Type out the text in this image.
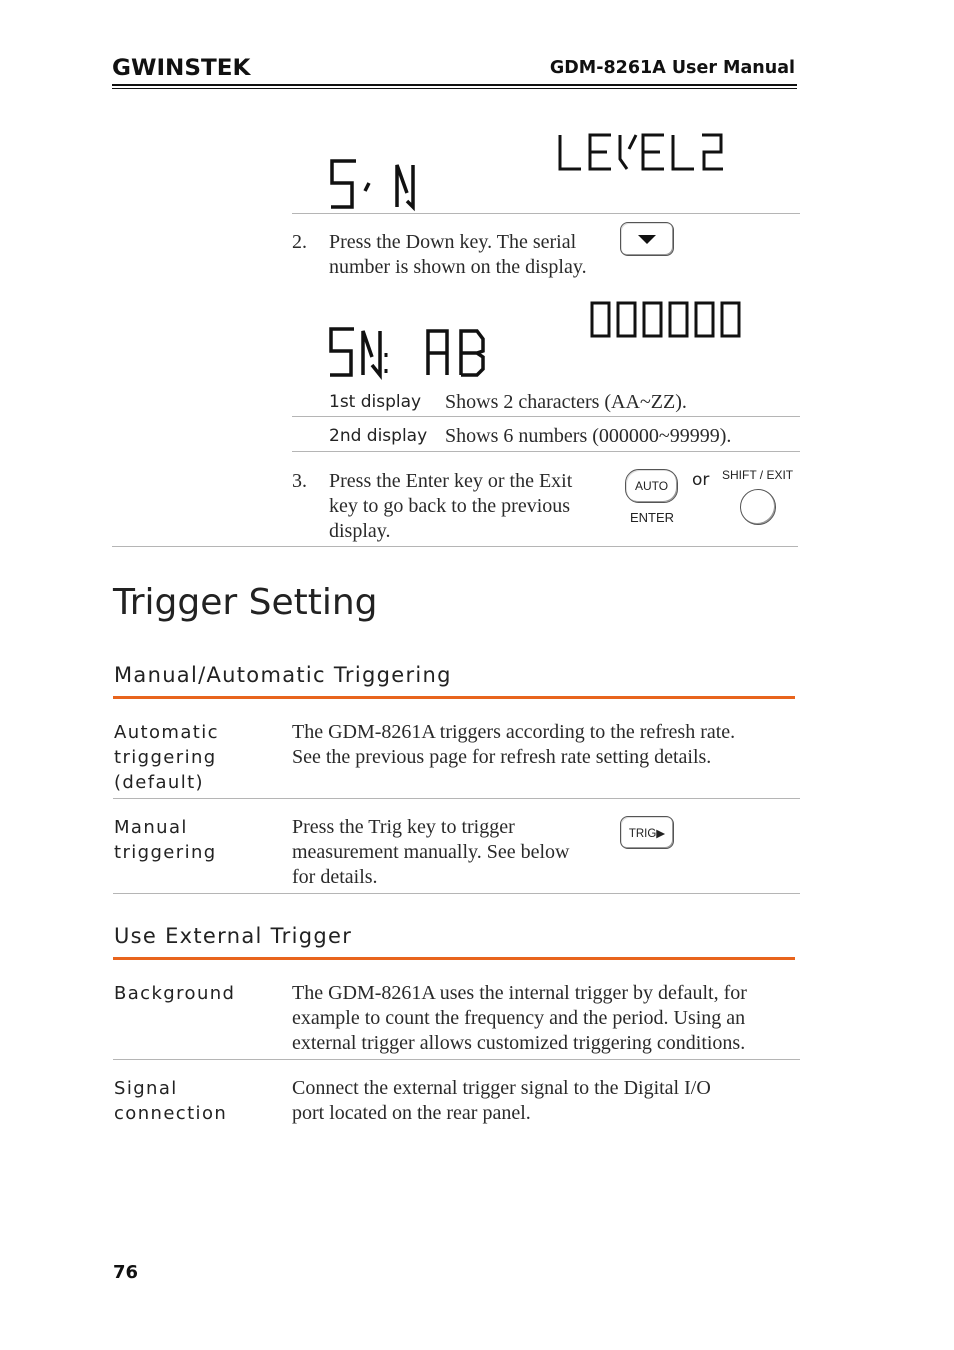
GWINSTEK	GDM-8261A User Manual
2. Press the Down key. The serial
number is shown on the display.
1st display Shows 2 characters (AA~ZZ).
2nd display Shows 6 numbers (000000~99999).
3. Press the Enter key or the Exit
key to go back to the previous
display.
AUTO
ENTER
or SHIFT / EXIT
Trigger Setting
Manual/Automatic Triggering
Automatic
triggering
(default)
The GDM-8261A triggers according to the refresh rate.
See the previous page for refresh rate setting details.
Manual
triggering
Press the Trig key to trigger
measurement manually. See below
for details.
TRIG▶
Use External Trigger
Background	The GDM-8261A uses the internal trigger by default, for
example to count the frequency and the period. Using an
external trigger allows customized triggering conditions.
Signal
connection
Connect the external trigger signal to the Digital I/O
port located on the rear panel.
76
